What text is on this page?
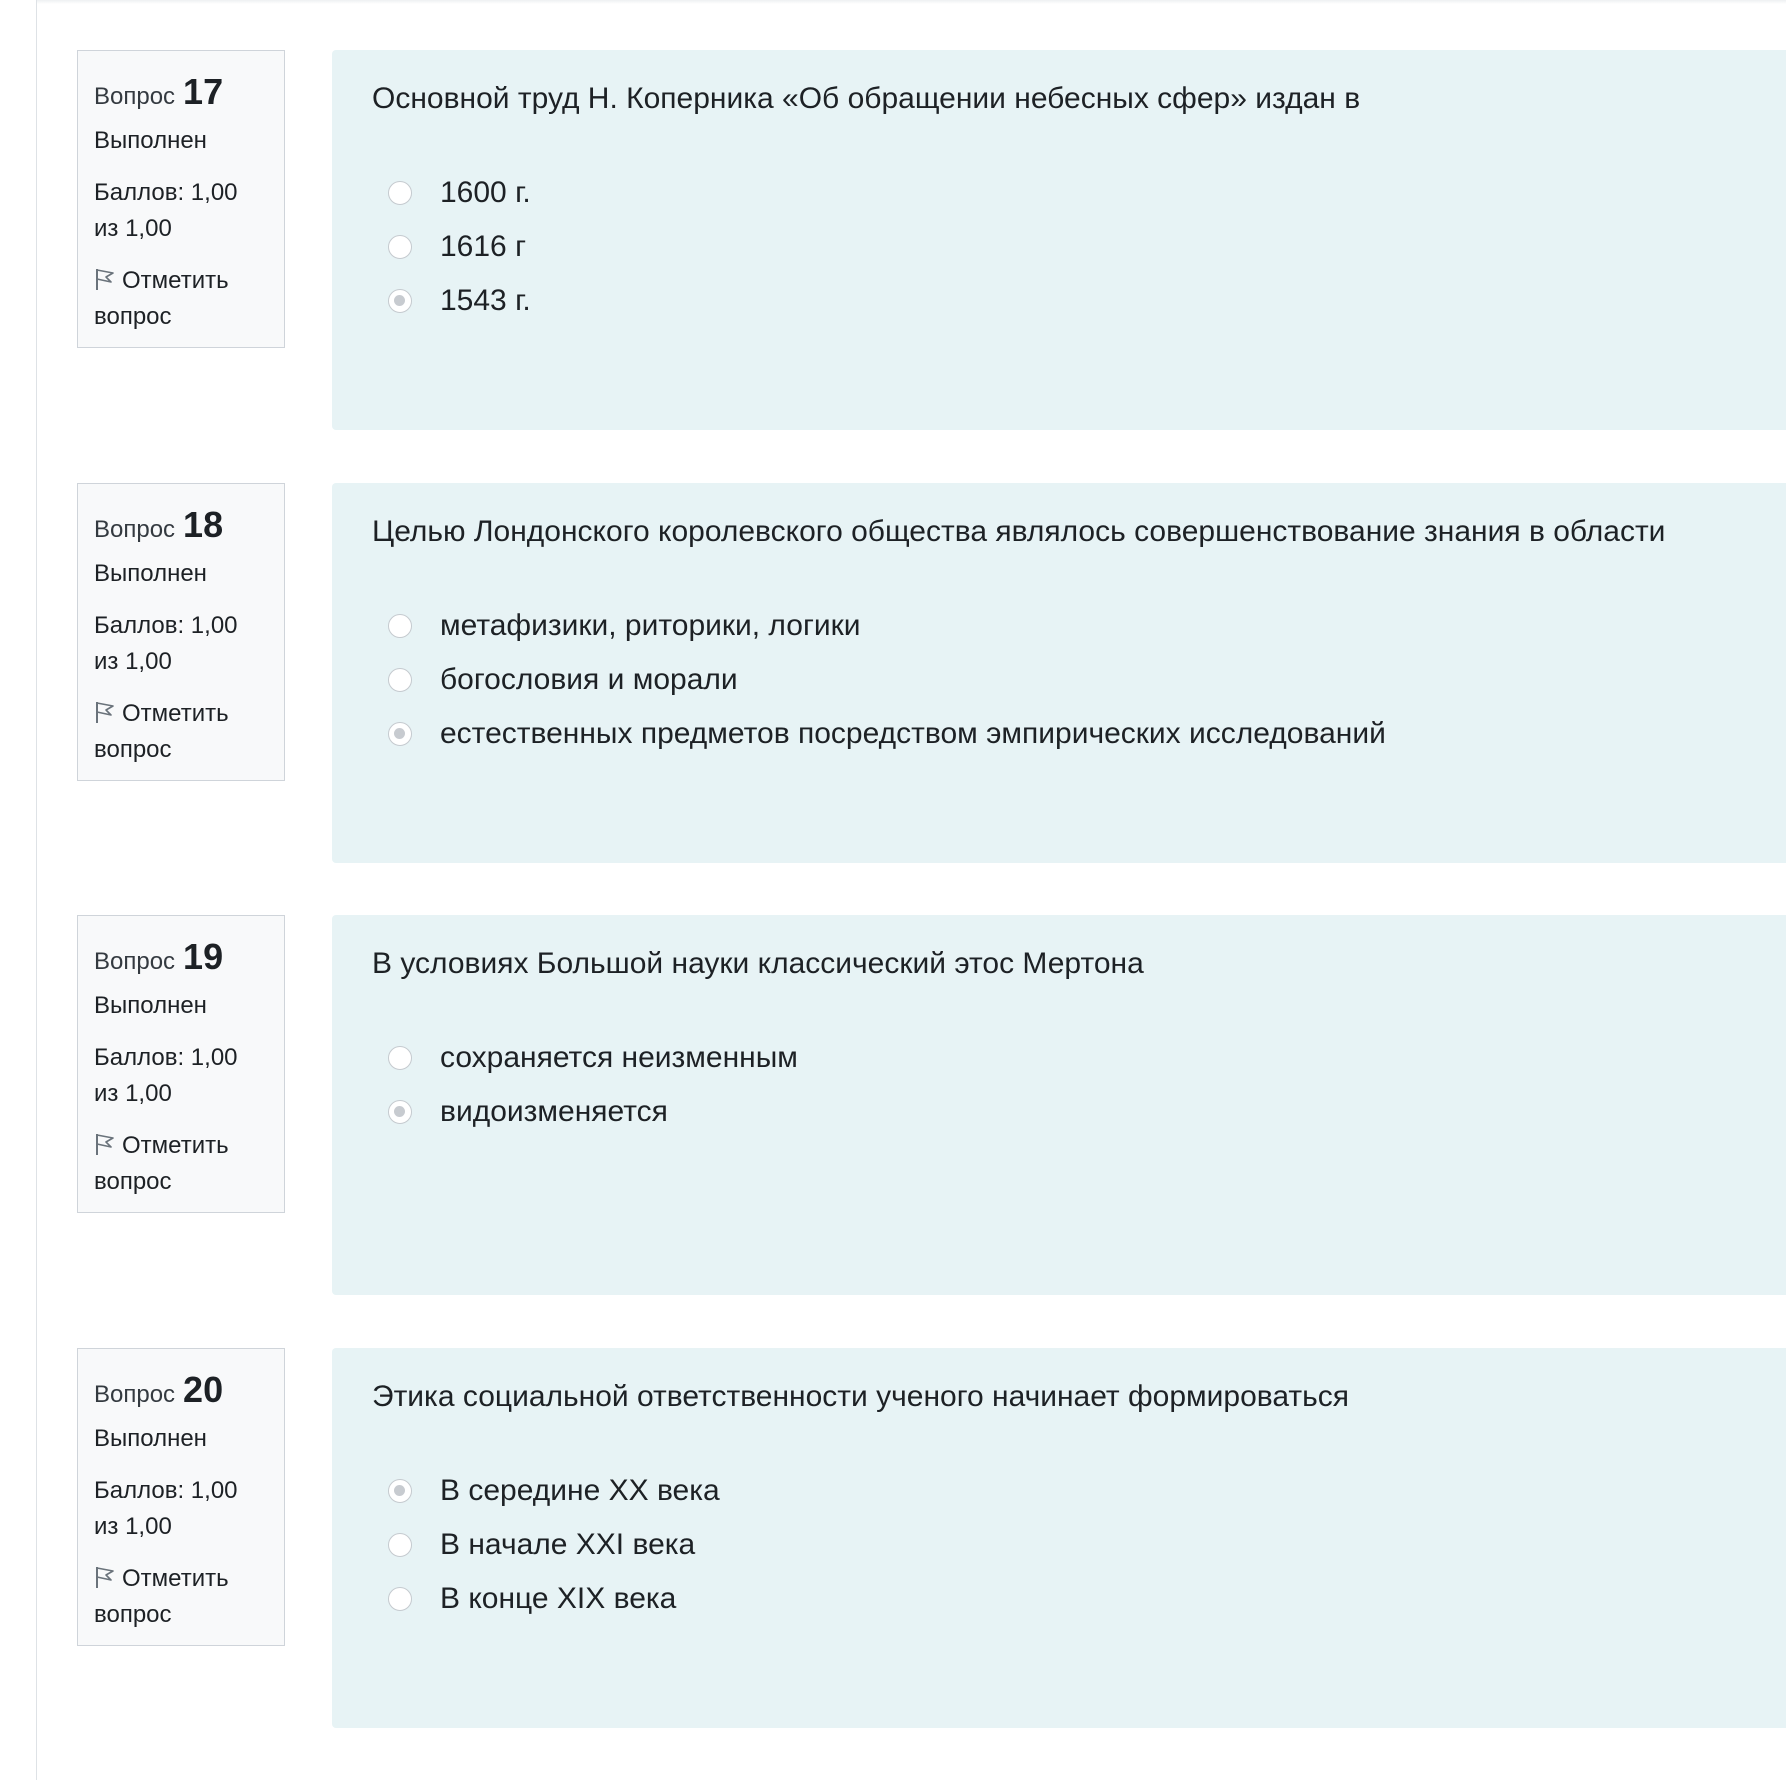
Вопрос 17
Выполнен
Баллов: 1,00 из 1,00
Отметить вопрос
Основной труд Н. Коперника «Об обращении небесных сфер» издан в
1600 г.
1616 г
1543 г.
Вопрос 18
Выполнен
Баллов: 1,00 из 1,00
Отметить вопрос
Целью Лондонского королевского общества являлось совершенствование знания в области
метафизики, риторики, логики
богословия и морали
естественных предметов посредством эмпирических исследований
Вопрос 19
Выполнен
Баллов: 1,00 из 1,00
Отметить вопрос
В условиях Большой науки классический этос Мертона
сохраняется неизменным
видоизменяется
Вопрос 20
Выполнен
Баллов: 1,00 из 1,00
Отметить вопрос
Этика социальной ответственности ученого начинает формироваться
В середине XX века
В начале XXI века
В конце XIX века
